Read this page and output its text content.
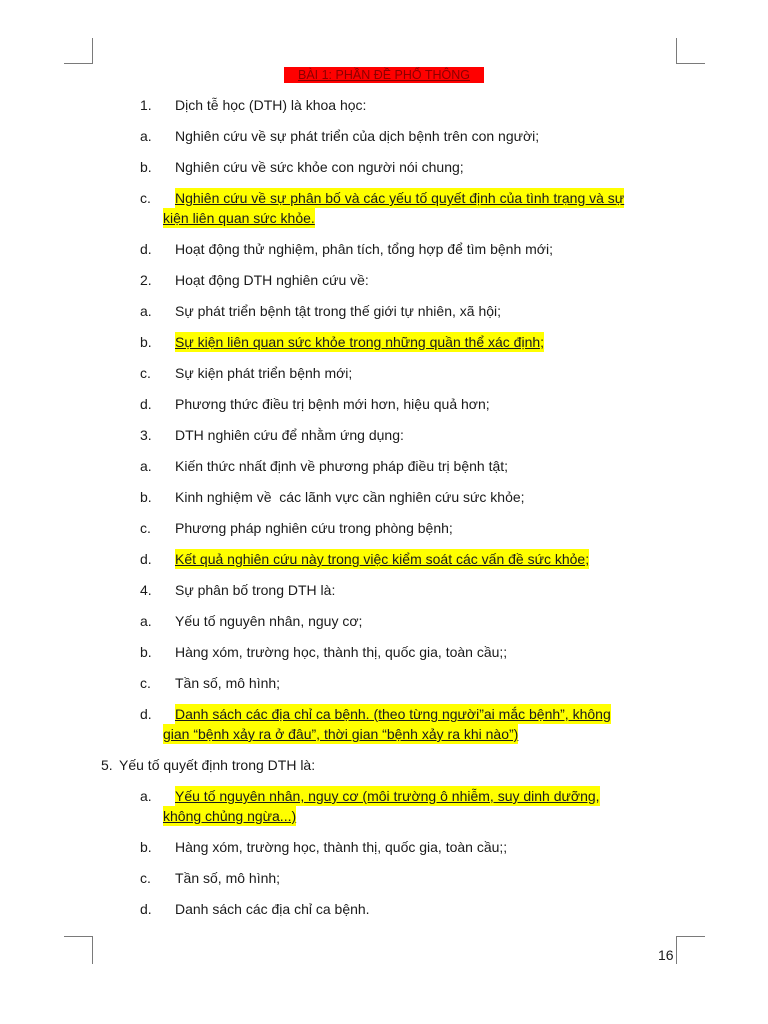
BÀI 1: PHẦN ĐỀ PHỔ THÔNG
1. Dịch tễ học (DTH) là khoa học:
a. Nghiên cứu về sự phát triển của dịch bệnh trên con người;
b. Nghiên cứu về sức khỏe con người nói chung;
c. Nghiên cứu về sự phân bố và các yếu tố quyết định của tình trạng và sự
kiện liên quan sức khỏe.
d. Hoạt động thử nghiệm, phân tích, tổng hợp để tìm bệnh mới;
2. Hoạt động DTH nghiên cứu về:
a. Sự phát triển bệnh tật trong thế giới tự nhiên, xã hội;
b. Sự kiện liên quan sức khỏe trong những quần thể xác định;
c. Sự kiện phát triển bệnh mới;
d. Phương thức điều trị bệnh mới hơn, hiệu quả hơn;
3. DTH nghiên cứu để nhằm ứng dụng:
a. Kiến thức nhất định về phương pháp điều trị bệnh tật;
b. Kinh nghiệm về  các lãnh vực cần nghiên cứu sức khỏe;
c. Phương pháp nghiên cứu trong phòng bệnh;
d. Kết quả nghiên cứu này trong việc kiểm soát các vấn đề sức khỏe;
4. Sự phân bố trong DTH là:
a. Yếu tố nguyên nhân, nguy cơ;
b. Hàng xóm, trường học, thành thị, quốc gia, toàn cầu;;
c. Tần số, mô hình;
d. Danh sách các địa chỉ ca bệnh. (theo từng người”ai mắc bệnh”, không
gian “bệnh xảy ra ở đâu”, thời gian “bệnh xảy ra khi nào”)
5. Yếu tố quyết định trong DTH là:
a. Yếu tố nguyên nhân, nguy cơ (môi trường ô nhiễm, suy dinh dưỡng,
không chủng ngừa...)
b. Hàng xóm, trường học, thành thị, quốc gia, toàn cầu;;
c. Tần số, mô hình;
d. Danh sách các địa chỉ ca bệnh.
16
